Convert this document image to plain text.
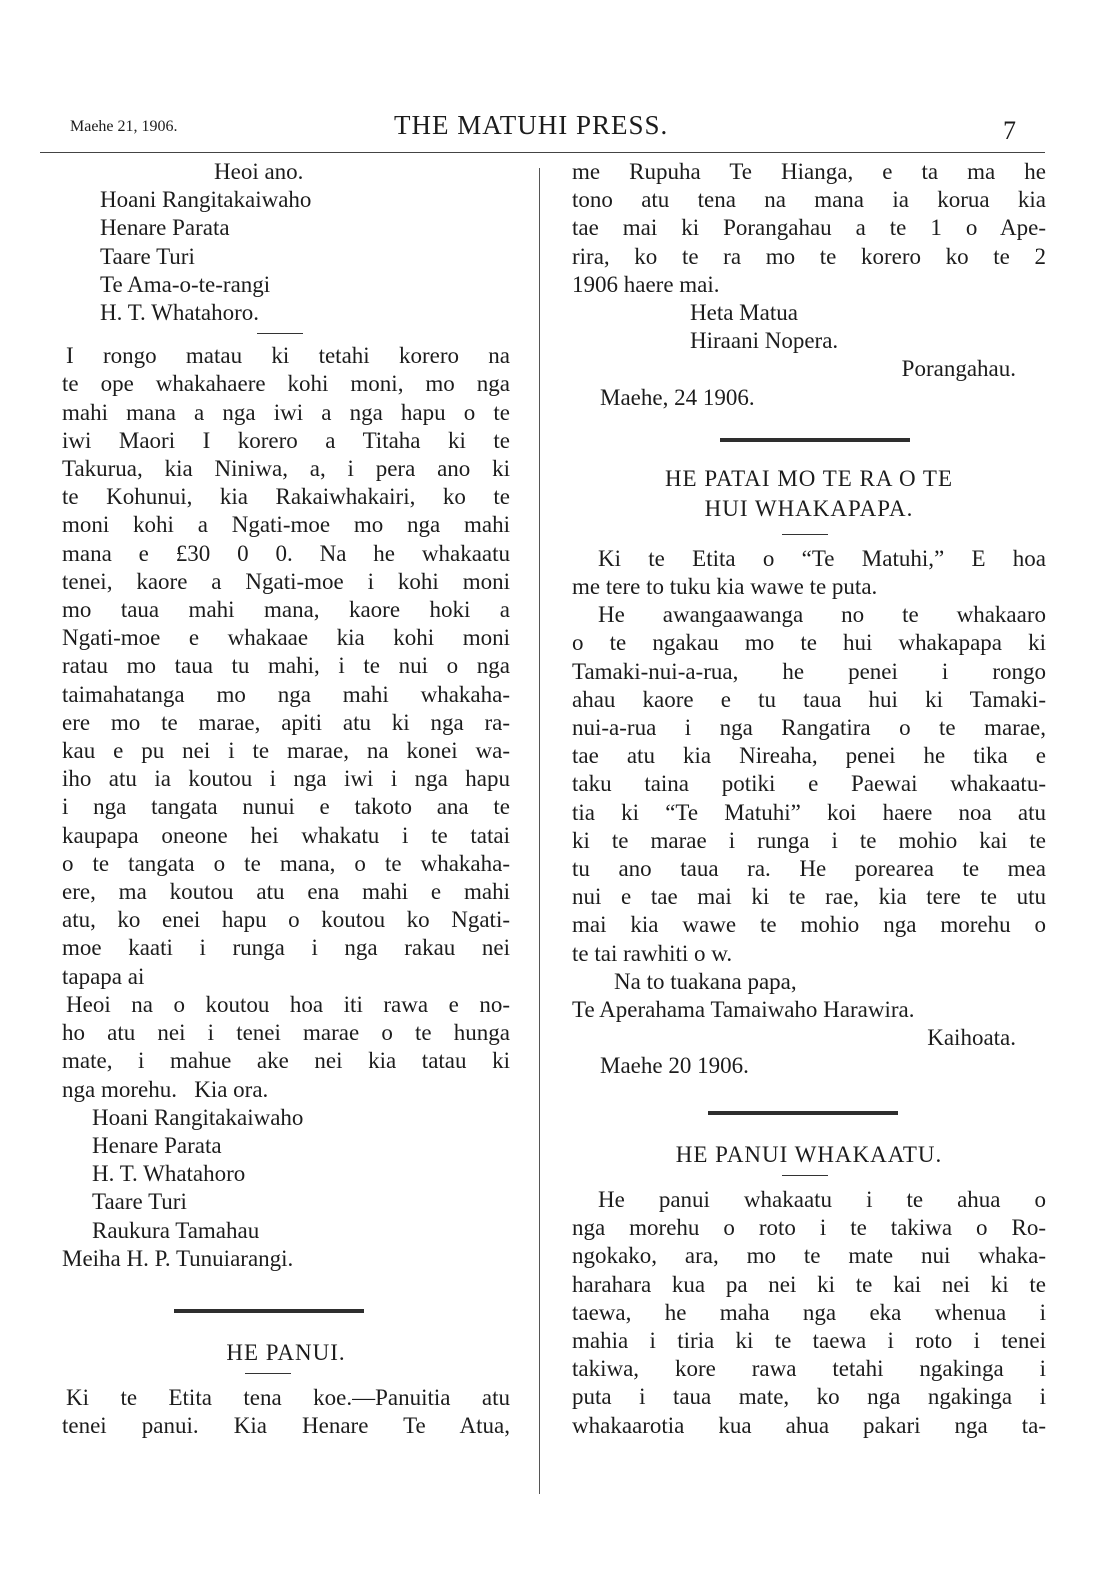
Maehe 21, 1906.	THE MATUHI PRESS.	7
Heoi ano.
Hoani Rangitakaiwaho
Henare Parata
Taare Turi
Te Ama-o-te-rangi
H. T. Whatahoro.
I rongo matau ki tetahi korero na
te ope whakahaere kohi moni, mo nga
mahi mana a nga iwi a nga hapu o te
iwi Maori I korero a Titaha ki te
Takurua, kia Niniwa, a, i pera ano ki
te Kohunui, kia Rakaiwhakairi, ko te
moni kohi a Ngati-moe mo nga mahi
mana e £30 0 0. Na he whakaatu
tenei, kaore a Ngati-moe i kohi moni
mo taua mahi mana, kaore hoki a
Ngati-moe e whakaae kia kohi moni
ratau mo taua tu mahi, i te nui o nga
taimahatanga mo nga mahi whakaha-
ere mo te marae, apiti atu ki nga ra-
kau e pu nei i te marae, na konei wa-
iho atu ia koutou i nga iwi i nga hapu
i nga tangata nunui e takoto ana te
kaupapa oneone hei whakatu i te tatai
o te tangata o te mana, o te whakaha-
ere, ma koutou atu ena mahi e mahi
atu, ko enei hapu o koutou ko Ngati-
moe kaati i runga i nga rakau nei
tapapa ai
Heoi na o koutou hoa iti rawa e no-
ho atu nei i tenei marae o te hunga
mate, i mahue ake nei kia tatau ki
nga morehu.   Kia ora.
Hoani Rangitakaiwaho
Henare Parata
H. T. Whatahoro
Taare Turi
Raukura Tamahau
Meiha H. P. Tunuiarangi.
HE PANUI.
Ki te Etita tena koe.—Panuitia atu
tenei panui. Kia Henare Te Atua,
me Rupuha Te Hianga, e ta ma he
tono atu tena na mana ia korua kia
tae mai ki Porangahau a te 1 o Ape-
rira, ko te ra mo te korero ko te 2
1906 haere mai.
Heta Matua
Hiraani Nopera.
Porangahau.
Maehe, 24 1906.
HE PATAI MO TE RA O TE
HUI WHAKAPAPA.
Ki te Etita o “Te Matuhi,” E hoa
me tere to tuku kia wawe te puta.
He awangaawanga no te whakaaro
o te ngakau mo te hui whakapapa ki
Tamaki-nui-a-rua, he penei i rongo
ahau kaore e tu taua hui ki Tamaki-
nui-a-rua i nga Rangatira o te marae,
tae atu kia Nireaha, penei he tika e
taku taina potiki e Paewai whakaatu-
tia ki “Te Matuhi” koi haere noa atu
ki te marae i runga i te mohio kai te
tu ano taua ra. He porearea te mea
nui e tae mai ki te rae, kia tere te utu
mai kia wawe te mohio nga morehu o
te tai rawhiti o w.
Na to tuakana papa,
Te Aperahama Tamaiwaho Harawira.
Kaihoata.
Maehe 20 1906.
HE PANUI WHAKAATU.
He panui whakaatu i te ahua o
nga morehu o roto i te takiwa o Ro-
ngokako, ara, mo te mate nui whaka-
harahara kua pa nei ki te kai nei ki te
taewa, he maha nga eka whenua i
mahia i tiria ki te taewa i roto i tenei
takiwa, kore rawa tetahi ngakinga i
puta i taua mate, ko nga ngakinga i
whakaarotia kua ahua pakari nga ta-
